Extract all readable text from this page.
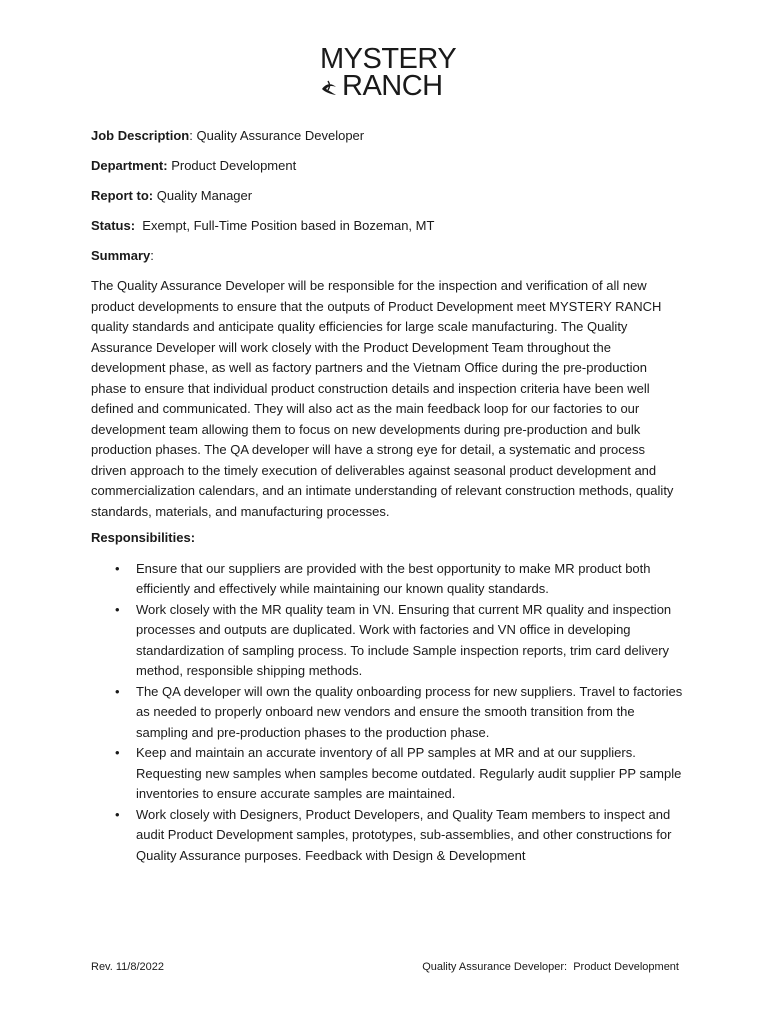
MYSTERY
RANCH
Job Description: Quality Assurance Developer
Department: Product Development
Report to: Quality Manager
Status:  Exempt, Full-Time Position based in Bozeman, MT
Summary:
The Quality Assurance Developer will be responsible for the inspection and verification of all new product developments to ensure that the outputs of Product Development meet MYSTERY RANCH quality standards and anticipate quality efficiencies for large scale manufacturing. The Quality Assurance Developer will work closely with the Product Development Team throughout the development phase, as well as factory partners and the Vietnam Office during the pre-production phase to ensure that individual product construction details and inspection criteria have been well defined and communicated. They will also act as the main feedback loop for our factories to our development team allowing them to focus on new developments during pre-production and bulk production phases. The QA developer will have a strong eye for detail, a systematic and process driven approach to the timely execution of deliverables against seasonal product development and commercialization calendars, and an intimate understanding of relevant construction methods, quality standards, materials, and manufacturing processes.
Responsibilities:
• Ensure that our suppliers are provided with the best opportunity to make MR product both efficiently and effectively while maintaining our known quality standards.
• Work closely with the MR quality team in VN. Ensuring that current MR quality and inspection processes and outputs are duplicated. Work with factories and VN office in developing standardization of sampling process. To include Sample inspection reports, trim card delivery method, responsible shipping methods.
• The QA developer will own the quality onboarding process for new suppliers. Travel to factories as needed to properly onboard new vendors and ensure the smooth transition from the sampling and pre-production phases to the production phase.
• Keep and maintain an accurate inventory of all PP samples at MR and at our suppliers. Requesting new samples when samples become outdated. Regularly audit supplier PP sample inventories to ensure accurate samples are maintained.
• Work closely with Designers, Product Developers, and Quality Team members to inspect and audit Product Development samples, prototypes, sub-assemblies, and other constructions for Quality Assurance purposes. Feedback with Design & Development
Rev. 11/8/2022	Quality Assurance Developer:  Product Development
